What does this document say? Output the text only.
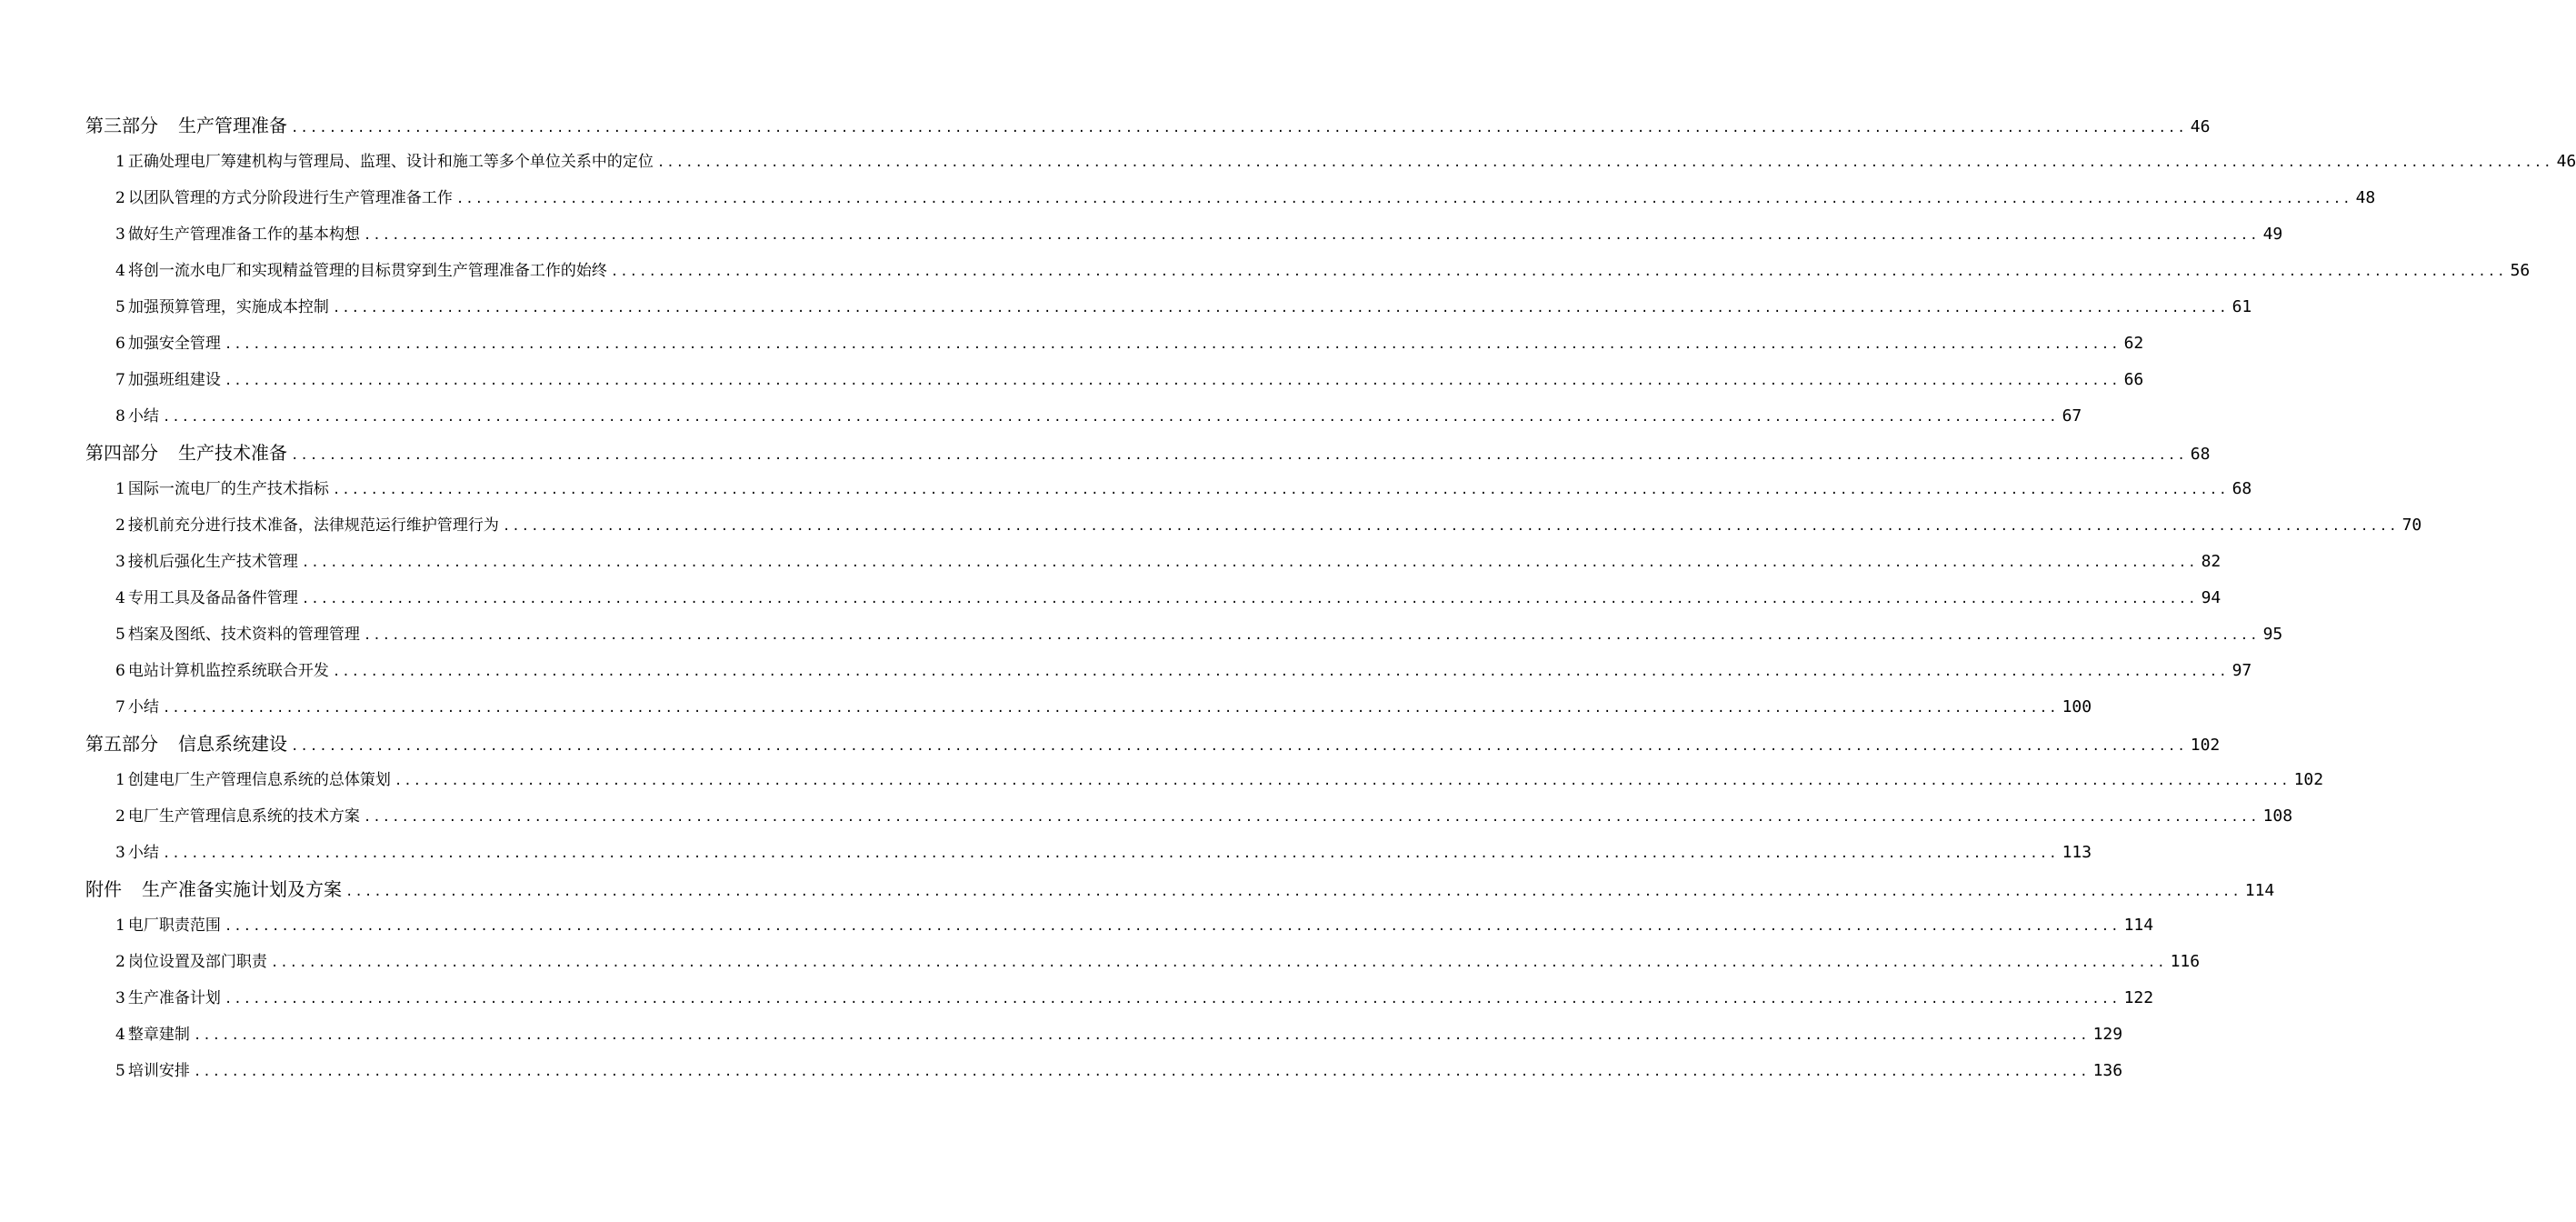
第三部分 生产管理准备 ........................................................................................................................................................................................................ 46
1 正确处理电厂筹建机构与管理局、监理、设计和施工等多个单位关系中的定位 ........................................................................................................................................................................................................ 46
2 以团队管理的方式分阶段进行生产管理准备工作 ........................................................................................................................................................................................................ 48
3 做好生产管理准备工作的基本构想 ........................................................................................................................................................................................................ 49
4 将创一流水电厂和实现精益管理的目标贯穿到生产管理准备工作的始终 ........................................................................................................................................................................................................ 56
5 加强预算管理，实施成本控制 ........................................................................................................................................................................................................ 61
6 加强安全管理 ........................................................................................................................................................................................................ 62
7 加强班组建设 ........................................................................................................................................................................................................ 66
8 小结 ........................................................................................................................................................................................................ 67
第四部分 生产技术准备 ........................................................................................................................................................................................................ 68
1 国际一流电厂的生产技术指标 ........................................................................................................................................................................................................ 68
2 接机前充分进行技术准备，法律规范运行维护管理行为 ........................................................................................................................................................................................................ 70
3 接机后强化生产技术管理 ........................................................................................................................................................................................................ 82
4 专用工具及备品备件管理 ........................................................................................................................................................................................................ 94
5 档案及图纸、技术资料的管理管理 ........................................................................................................................................................................................................ 95
6 电站计算机监控系统联合开发 ........................................................................................................................................................................................................ 97
7 小结 ........................................................................................................................................................................................................ 100
第五部分 信息系统建设 ........................................................................................................................................................................................................ 102
1 创建电厂生产管理信息系统的总体策划 ........................................................................................................................................................................................................ 102
2 电厂生产管理信息系统的技术方案 ........................................................................................................................................................................................................ 108
3 小结 ........................................................................................................................................................................................................ 113
附件 生产准备实施计划及方案 ........................................................................................................................................................................................................ 114
1 电厂职责范围 ........................................................................................................................................................................................................ 114
2 岗位设置及部门职责 ........................................................................................................................................................................................................ 116
3 生产准备计划 ........................................................................................................................................................................................................ 122
4 整章建制 ........................................................................................................................................................................................................ 129
5 培训安排 ........................................................................................................................................................................................................ 136
